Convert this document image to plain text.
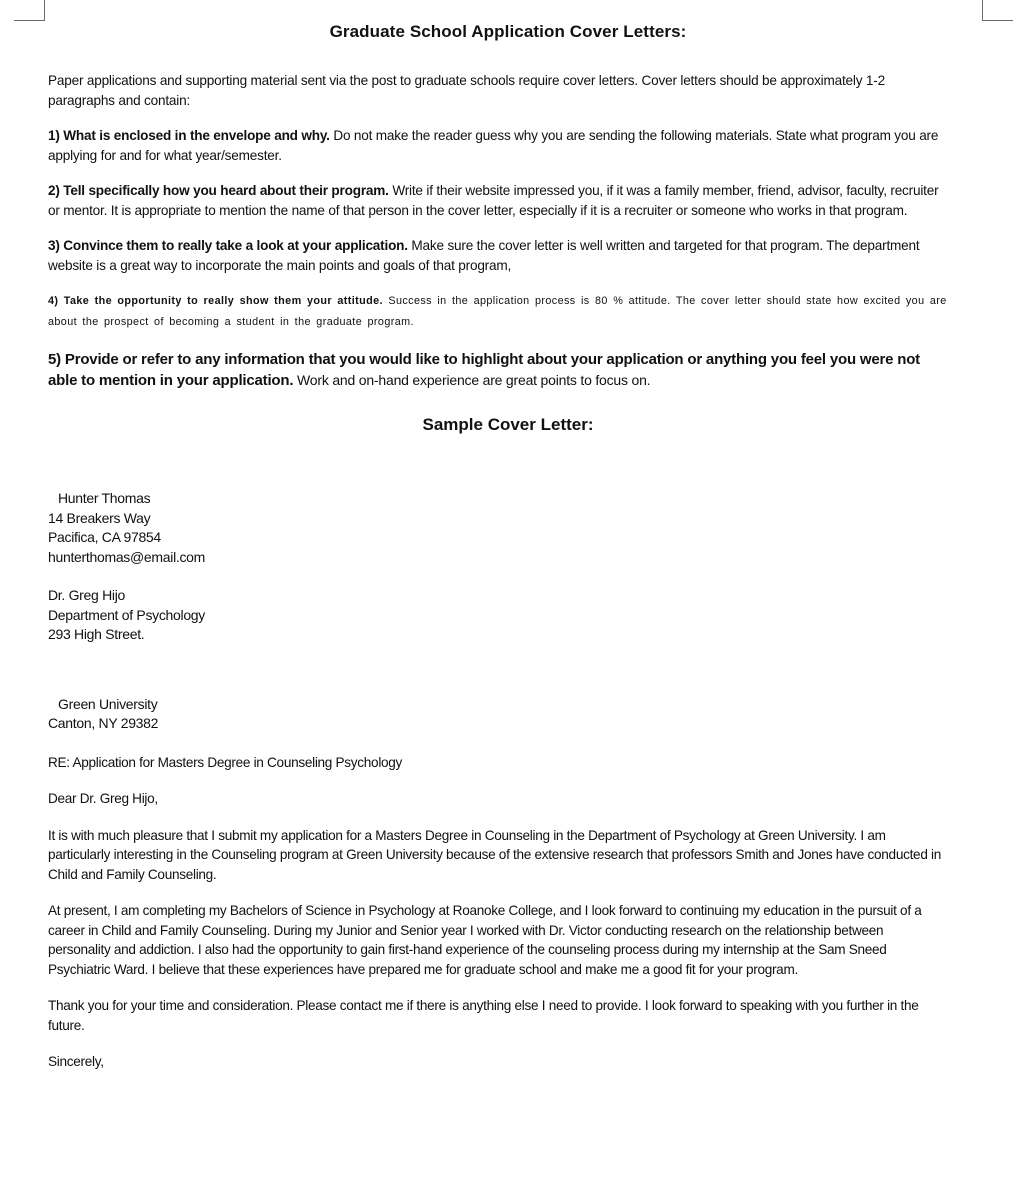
Graduate School Application Cover Letters:

Paper applications and supporting material sent via the post to graduate schools require cover letters. Cover letters should be approximately 1-2 paragraphs and contain:

1) What is enclosed in the envelope and why. Do not make the reader guess why you are sending the following materials. State what program you are applying for and for what year/semester.

2) Tell specifically how you heard about their program. Write if their website impressed you, if it was a family member, friend, advisor, faculty, recruiter or mentor. It is appropriate to mention the name of that person in the cover letter, especially if it is a recruiter or someone who works in that program.

3) Convince them to really take a look at your application. Make sure the cover letter is well written and targeted for that program. The department website is a great way to incorporate the main points and goals of that program,

4) Take the opportunity to really show them your attitude. Success in the application process is 80 % attitude. The cover letter should state how excited you are about the prospect of becoming a student in the graduate program.

5) Provide or refer to any information that you would like to highlight about your application or anything you feel you were not able to mention in your application. Work and on-hand experience are great points to focus on.

Sample Cover Letter:
Hunter Thomas
14 Breakers Way
Pacifica, CA 97854
hunterthomas@email.com
Dr. Greg Hijo
Department of Psychology
293 High Street.
Green University
Canton, NY 29382

RE: Application for Masters Degree in Counseling Psychology

Dear Dr. Greg Hijo,

It is with much pleasure that I submit my application for a Masters Degree in Counseling in the Department of Psychology at Green University. I am particularly interesting in the Counseling program at Green University because of the extensive research that professors Smith and Jones have conducted in Child and Family Counseling.

At present, I am completing my Bachelors of Science in Psychology at Roanoke College, and I look forward to continuing my education in the pursuit of a career in Child and Family Counseling. During my Junior and Senior year I worked with Dr. Victor conducting research on the relationship between personality and addiction. I also had the opportunity to gain first-hand experience of the counseling process during my internship at the Sam Sneed Psychiatric Ward. I believe that these experiences have prepared me for graduate school and make me a good fit for your program.

Thank you for your time and consideration. Please contact me if there is anything else I need to provide. I look forward to speaking with you further in the future.

Sincerely,
